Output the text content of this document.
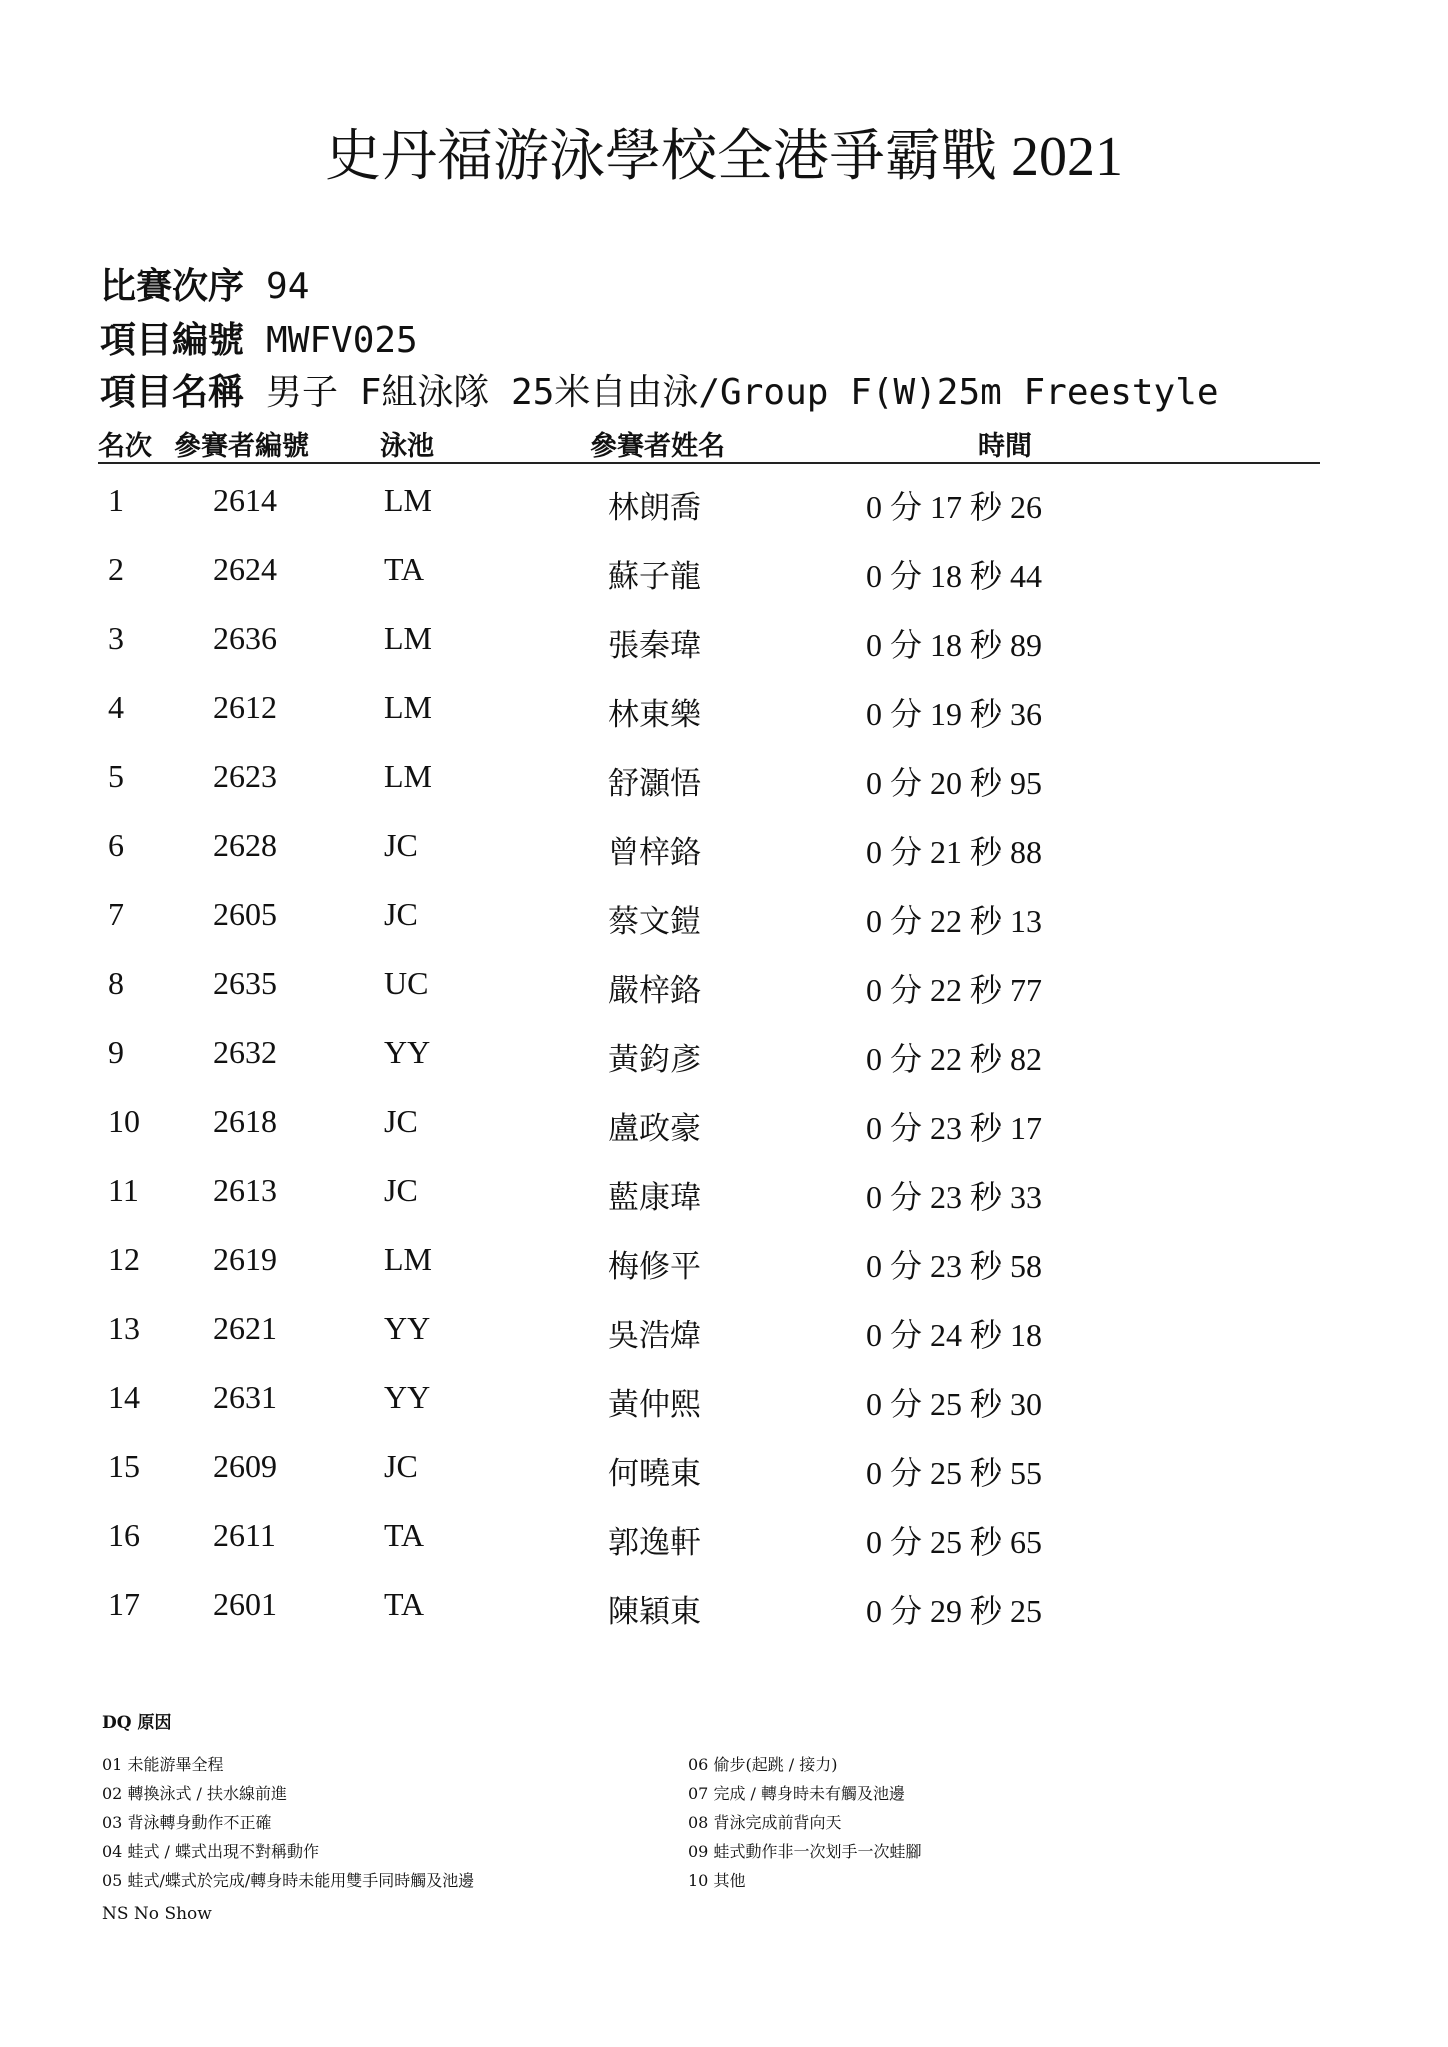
史丹福游泳學校全港爭霸戰 2021
比賽次序 94
項目編號 MWFV025
項目名稱 男子 F組泳隊 25米自由泳/Group F(W)25m Freestyle
名次 參賽者編號	泳池	參賽者姓名	時間
1	2614	LM	林朗喬	0 分 17 秒 26
2	2624	TA	蘇子龍	0 分 18 秒 44
3	2636	LM	張秦瑋	0 分 18 秒 89
4	2612	LM	林東樂	0 分 19 秒 36
5	2623	LM	舒灝悟	0 分 20 秒 95
6	2628	JC	曾梓鉻	0 分 21 秒 88
7	2605	JC	蔡文鎧	0 分 22 秒 13
8	2635	UC	嚴梓鉻	0 分 22 秒 77
9	2632	YY	黃鈞彥	0 分 22 秒 82
10 2618	JC	盧政豪	0 分 23 秒 17
11 2613	JC	藍康瑋	0 分 23 秒 33
12 2619	LM	梅修平	0 分 23 秒 58
13 2621	YY	吳浩煒	0 分 24 秒 18
14 2631	YY	黃仲熙	0 分 25 秒 30
15 2609	JC	何曉東	0 分 25 秒 55
16 2611	TA	郭逸軒	0 分 25 秒 65
17 2601	TA	陳穎東	0 分 29 秒 25
DQ 原因
01 未能游畢全程
02 轉換泳式 / 扶水線前進
03 背泳轉身動作不正確
04 蛙式 / 蝶式出現不對稱動作
05 蛙式/蝶式於完成/轉身時未能用雙手同時觸及池邊
06 偷步(起跳 / 接力)
07 完成 / 轉身時未有觸及池邊
08 背泳完成前背向天
09 蛙式動作非一次划手一次蛙腳
10 其他
NS No Show
